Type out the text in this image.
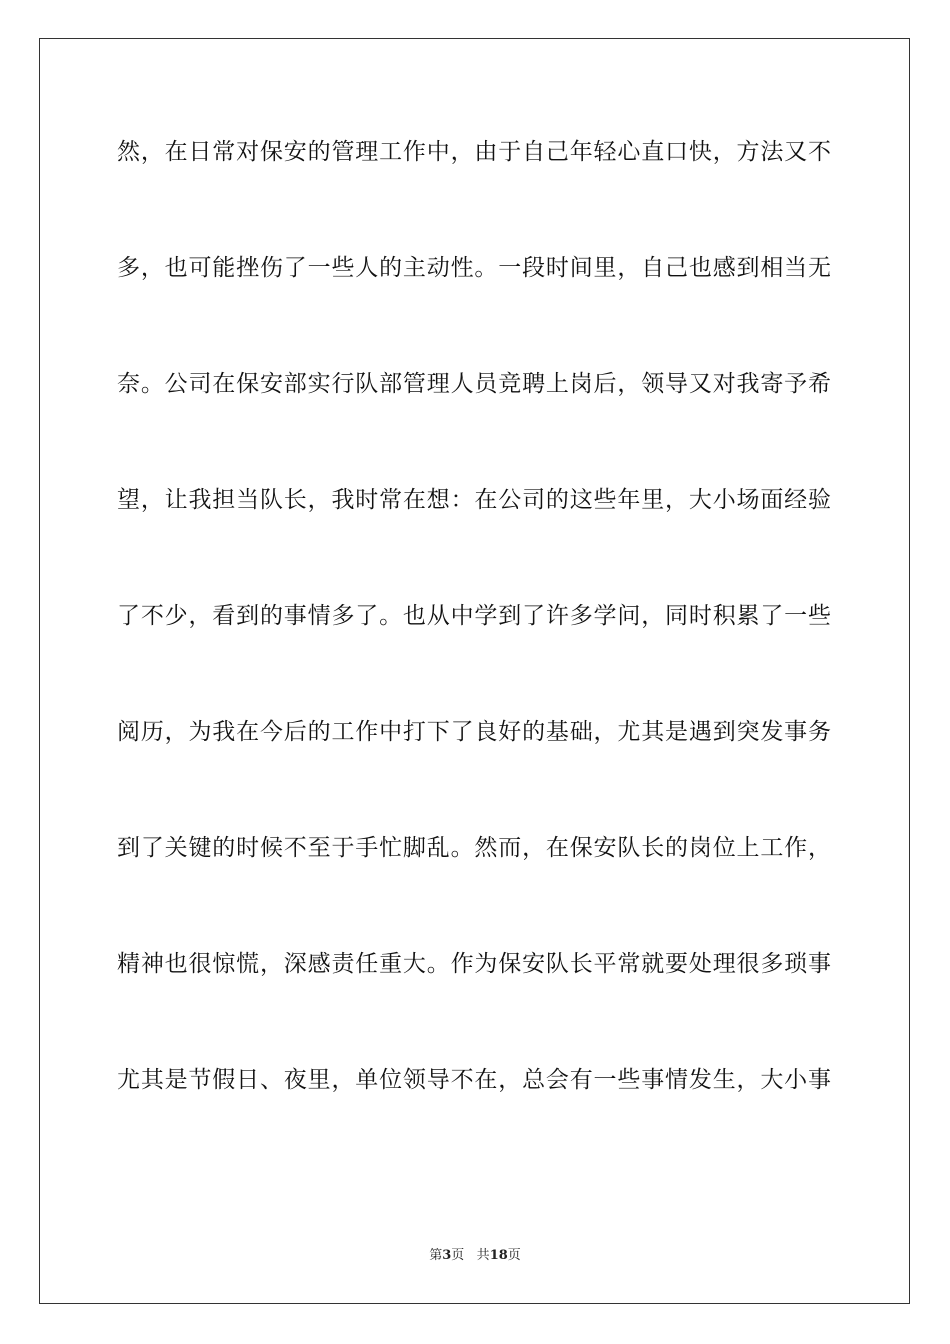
然，在日常对保安的管理工作中，由于自己年轻心直口快，方法又不
多，也可能挫伤了一些人的主动性。一段时间里，自己也感到相当无
奈。公司在保安部实行队部管理人员竞聘上岗后，领导又对我寄予希
望，让我担当队长，我时常在想：在公司的这些年里，大小场面经验
了不少，看到的事情多了。也从中学到了许多学问，同时积累了一些
阅历，为我在今后的工作中打下了良好的基础，尤其是遇到突发事务
到了关键的时候不至于手忙脚乱。然而，在保安队长的岗位上工作，
精神也很惊慌，深感责任重大。作为保安队长平常就要处理很多琐事
尤其是节假日、夜里，单位领导不在，总会有一些事情发生，大小事
第3页 共18页
